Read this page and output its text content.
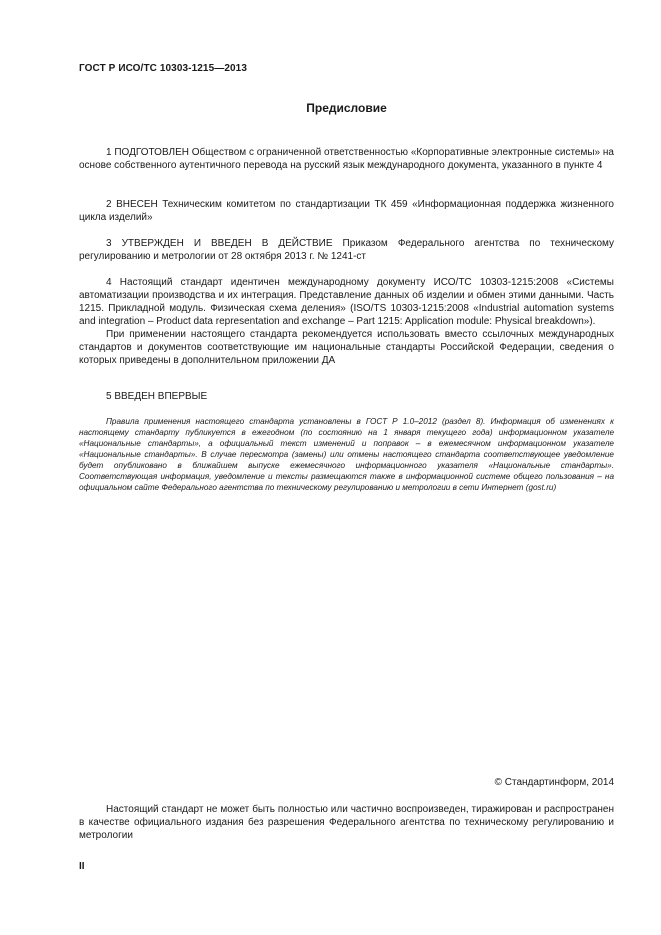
ГОСТ Р ИСО/ТС 10303-1215—2013
Предисловие

1 ПОДГОТОВЛЕН Обществом с ограниченной ответственностью «Корпоративные электронные системы» на основе собственного аутентичного перевода на русский язык международного документа, указанного в пункте 4

2 ВНЕСЕН Техническим комитетом по стандартизации ТК 459 «Информационная поддержка жизненного цикла изделий»

3 УТВЕРЖДЕН И ВВЕДЕН В ДЕЙСТВИЕ Приказом Федерального агентства по техническому регулированию и метрологии от 28 октября 2013 г. № 1241-ст

4 Настоящий стандарт идентичен международному документу ИСО/ТС 10303-1215:2008 «Системы автоматизации производства и их интеграция. Представление данных об изделии и обмен этими данными. Часть 1215. Прикладной модуль. Физическая схема деления» (ISO/TS 10303-1215:2008 «Industrial automation systems and integration – Product data representation and exchange – Part 1215: Application module: Physical breakdown»).

При применении настоящего стандарта рекомендуется использовать вместо ссылочных международных стандартов и документов соответствующие им национальные стандарты Российской Федерации, сведения о которых приведены в дополнительном приложении ДА

5 ВВЕДЕН ВПЕРВЫЕ

Правила применения настоящего стандарта установлены в ГОСТ Р 1.0–2012 (раздел 8). Информация об изменениях к настоящему стандарту публикуется в ежегодном (по состоянию на 1 января текущего года) информационном указателе «Национальные стандарты», а официальный текст изменений и поправок – в ежемесячном информационном указателе «Национальные стандарты». В случае пересмотра (замены) или отмены настоящего стандарта соответствующее уведомление будет опубликовано в ближайшем выпуске ежемесячного информационного указателя «Национальные стандарты». Соответствующая информация, уведомление и тексты размещаются также в информационной системе общего пользования – на официальном сайте Федерального агентства по техническому регулированию и метрологии в сети Интернет (gost.ru)
© Стандартинформ, 2014
Настоящий стандарт не может быть полностью или частично воспроизведен, тиражирован и распространен в качестве официального издания без разрешения Федерального агентства по техническому регулированию и метрологии
II
